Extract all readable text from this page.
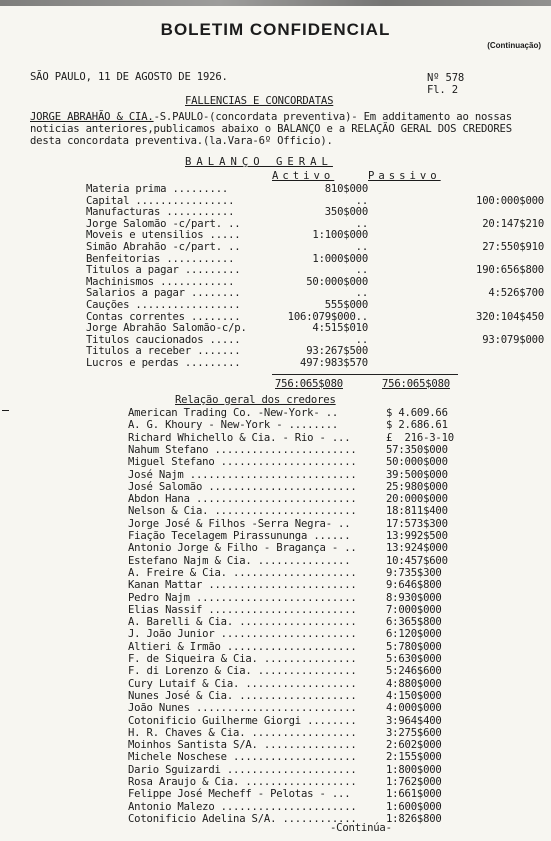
BOLETIM CONFIDENCIAL
(Continuação)
SÃO PAULO, 11 DE AGOSTO DE 1926.	Nº 578
Fl. 2
FALLENCIAS E CONCORDATAS
JORGE ABRAHÃO & CIA.-S.PAULO-(concordata preventiva)- Em additamento ao nossas noticias anteriores,publicamos abaixo o BALANÇO e a RELAÇÃO GERAL DOS CREDORES desta concordata preventiva.(la.Vara-6º Officio).
BALANÇO GERAL
Activo	Passivo
Materia prima .........	810$000
Capital ................	..	100:000$000
Manufacturas ...........	350$000
Jorge Salomão -c/part. ..	..	20:147$210
Moveis e utensilios .....	1:100$000
Simão Abrahão -c/part. ..	..	27:550$910
Benfeitorias ...........	1:000$000
Titulos a pagar .........	..	190:656$800
Machinismos ............	50:000$000
Salarios a pagar ........	..	4:526$700
Cauções .................	555$000
Contas correntes ........	106:079$000..	320:104$450
Jorge Abrahão Salomão-c/p.	4:515$010
Titulos caucionados .....	..	93:079$000
Titulos a receber .......	93:267$500
Lucros e perdas .........	497:983$570
756:065$080	756:065$080
Relação geral dos credores
American Trading Co. -New-York- ..	$ 4.609.66
A. G. Khoury - New-York - ........	$ 2.686.61
Richard Whichello & Cia. - Rio - ...	£  216-3-10
Nahum Stefano .......................	57:350$000
Miguel Stefano ......................	50:000$000
José Najm ...........................	39:500$000
José Salomão ........................	25:980$000
Abdon Hana ..........................	20:000$000
Nelson & Cia. .......................	18:811$400
Jorge José & Filhos -Serra Negra- ..	17:573$300
Fiação Tecelagem Pirassununga ......	13:992$500
Antonio Jorge & Filho - Bragança - ..	13:924$000
Estefano Najm & Cia. ...............	10:457$600
A. Freire & Cia. ....................	9:735$300
Kanan Mattar ........................	9:646$800
Pedro Najm ..........................	8:930$000
Elias Nassif ........................	7:000$000
A. Barelli & Cia. ...................	6:365$800
J. João Junior ......................	6:120$000
Altieri & Irmão .....................	5:780$000
F. de Siqueira & Cia. ...............	5:630$000
F. di Lorenzo & Cia. ................	5:246$600
Cury Lutaif & Cia. ..................	4:880$000
Nunes José & Cia. ...................	4:150$000
João Nunes ..........................	4:000$000
Cotonificio Guilherme Giorgi ........	3:964$400
H. R. Chaves & Cia. .................	3:275$600
Moinhos Santista S/A. ...............	2:602$000
Michele Noschese ....................	2:155$000
Dario Sguizardi .....................	1:800$000
Rosa Araujo & Cia. ..................	1:762$000
Felippe José Mecheff - Pelotas - ...	1:661$000
Antonio Malezo ......................	1:600$000
Cotonificio Adelina S/A. ............	1:826$800
-Continúa-
⎯
